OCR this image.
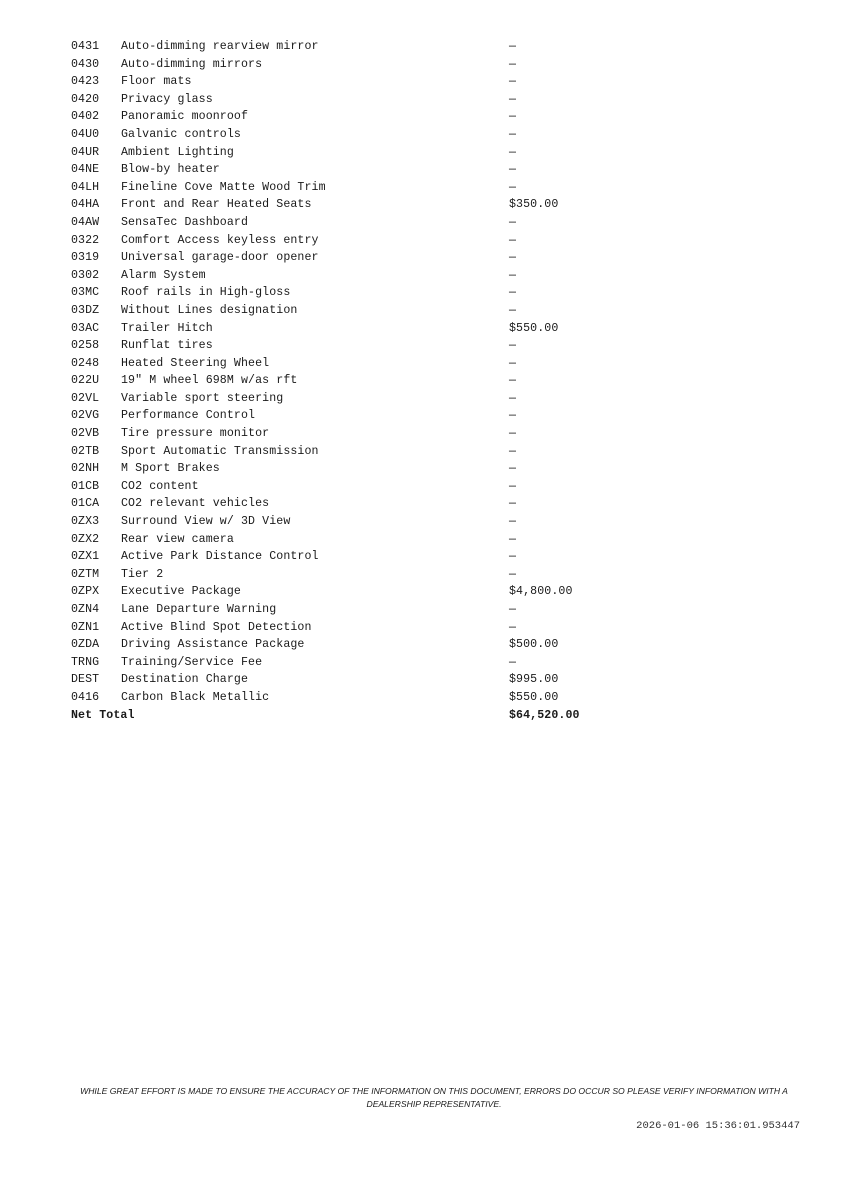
0431	Auto-dimming rearview mirror	—
0430	Auto-dimming mirrors	—
0423	Floor mats	—
0420	Privacy glass	—
0402	Panoramic moonroof	—
04U0	Galvanic controls	—
04UR	Ambient Lighting	—
04NE	Blow-by heater	—
04LH	Fineline Cove Matte Wood Trim	—
04HA	Front and Rear Heated Seats	$350.00
04AW	SensaTec Dashboard	—
0322	Comfort Access keyless entry	—
0319	Universal garage-door opener	—
0302	Alarm System	—
03MC	Roof rails in High-gloss	—
03DZ	Without Lines designation	—
03AC	Trailer Hitch	$550.00
0258	Runflat tires	—
0248	Heated Steering Wheel	—
022U	19" M wheel 698M w/as rft	—
02VL	Variable sport steering	—
02VG	Performance Control	—
02VB	Tire pressure monitor	—
02TB	Sport Automatic Transmission	—
02NH	M Sport Brakes	—
01CB	CO2 content	—
01CA	CO2 relevant vehicles	—
0ZX3	Surround View w/ 3D View	—
0ZX2	Rear view camera	—
0ZX1	Active Park Distance Control	—
0ZTM	Tier 2	—
0ZPX	Executive Package	$4,800.00
0ZN4	Lane Departure Warning	—
0ZN1	Active Blind Spot Detection	—
0ZDA	Driving Assistance Package	$500.00
TRNG	Training/Service Fee	—
DEST	Destination Charge	$995.00
0416	Carbon Black Metallic	$550.00
Net Total	$64,520.00
WHILE GREAT EFFORT IS MADE TO ENSURE THE ACCURACY OF THE INFORMATION ON THIS DOCUMENT, ERRORS DO OCCUR SO PLEASE VERIFY INFORMATION WITH A DEALERSHIP REPRESENTATIVE.
2026-01-06 15:36:01.953447
